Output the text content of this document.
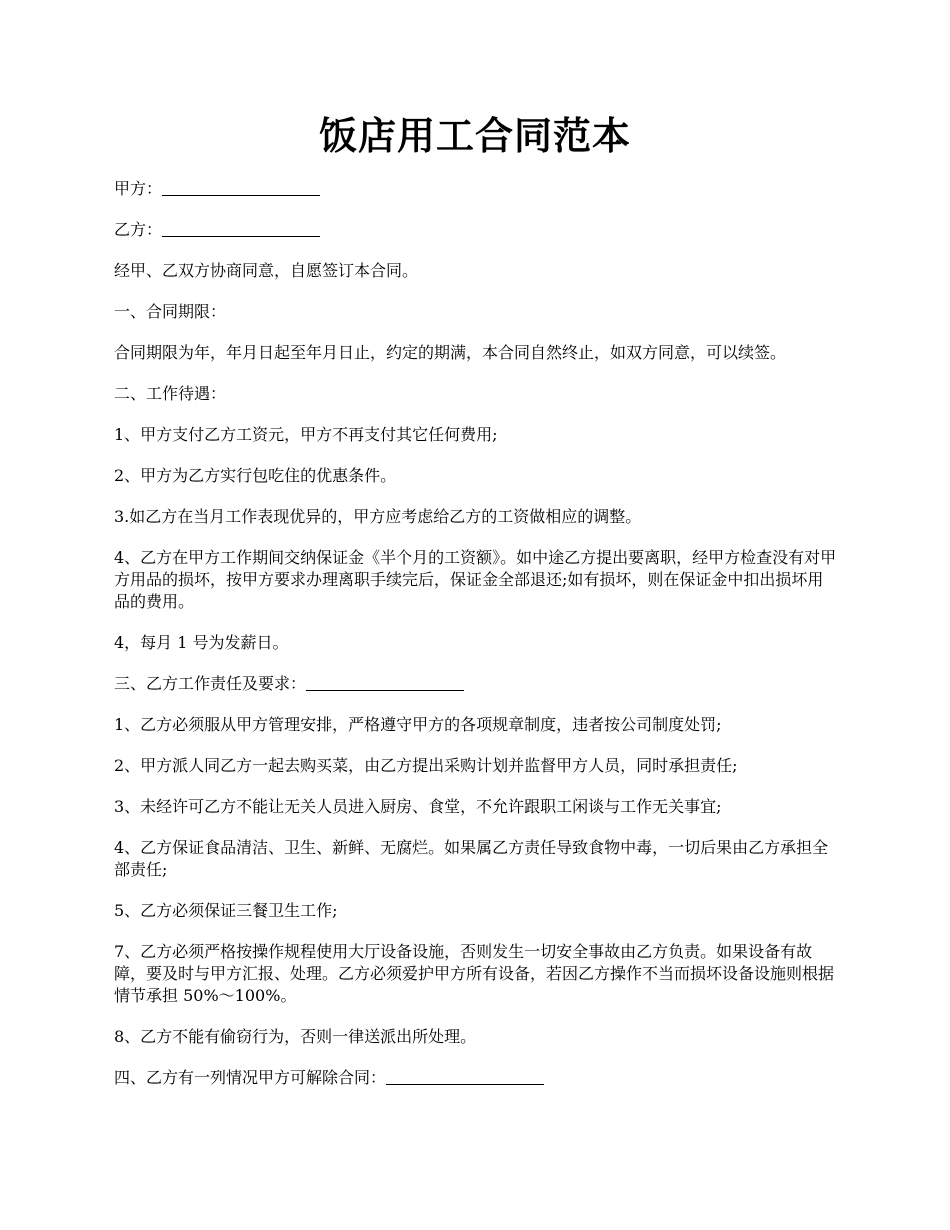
饭店用工合同范本

甲方：

乙方：

经甲、乙双方协商同意，自愿签订本合同。

一、合同期限：

合同期限为年，年月日起至年月日止，约定的期满，本合同自然终止，如双方同意，可以续签。

二、工作待遇：

1、甲方支付乙方工资元，甲方不再支付其它任何费用;

2、甲方为乙方实行包吃住的优惠条件。

3.如乙方在当月工作表现优异的，甲方应考虑给乙方的工资做相应的调整。

4、乙方在甲方工作期间交纳保证金《半个月的工资额》。如中途乙方提出要离职，经甲方检查没有对甲方用品的损坏，按甲方要求办理离职手续完后，保证金全部退还;如有损坏，则在保证金中扣出损坏用品的费用。

4，每月 1 号为发薪日。

三、乙方工作责任及要求：

1、乙方必须服从甲方管理安排，严格遵守甲方的各项规章制度，违者按公司制度处罚;

2、甲方派人同乙方一起去购买菜，由乙方提出采购计划并监督甲方人员，同时承担责任;

3、未经许可乙方不能让无关人员进入厨房、食堂，不允许跟职工闲谈与工作无关事宜;

4、乙方保证食品清洁、卫生、新鲜、无腐烂。如果属乙方责任导致食物中毒，一切后果由乙方承担全部责任;

5、乙方必须保证三餐卫生工作;

7、乙方必须严格按操作规程使用大厅设备设施，否则发生一切安全事故由乙方负责。如果设备有故障，要及时与甲方汇报、处理。乙方必须爱护甲方所有设备，若因乙方操作不当而损坏设备设施则根据情节承担 50%～100%。

8、乙方不能有偷窃行为，否则一律送派出所处理。

四、乙方有一列情况甲方可解除合同：
